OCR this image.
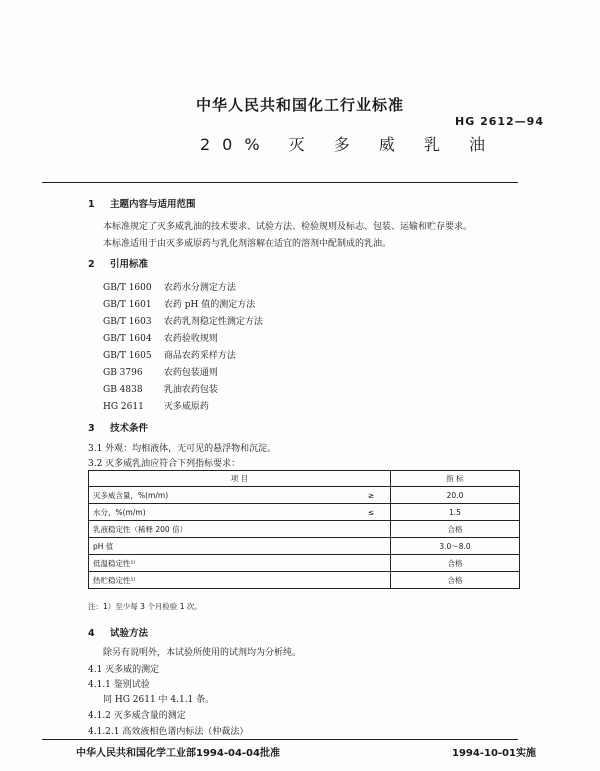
中华人民共和国化工行业标准
HG 2612—94
20% 灭 多 威 乳 油
1 主题内容与适用范围
本标准规定了灭多威乳油的技术要求、试验方法、检验规则及标志、包装、运输和贮存要求。
本标准适用于由灭多威原药与乳化剂溶解在适宜的溶剂中配制成的乳油。
2 引用标准
GB/T 1600 农药水分测定方法
GB/T 1601 农药 pH 值的测定方法
GB/T 1603 农药乳剂稳定性测定方法
GB/T 1604 农药验收规则
GB/T 1605 商品农药采样方法
GB 3796 农药包装通则
GB 4838 乳油农药包装
HG 2611 灭多威原药
3 技术条件
3.1 外观：均相液体，无可见的悬浮物和沉淀。
3.2 灭多威乳油应符合下列指标要求：
项 目		指 标
灭多威含量，%(m/m)	≥	20.0
水分，%(m/m)	≤	1.5
乳液稳定性（稀释 200 倍）		合格
pH 值		3.0～8.0
低温稳定性¹⁾		合格
热贮稳定性¹⁾		合格
注：1）至少每 3 个月检验 1 次。
4 试验方法
除另有说明外，本试验所使用的试剂均为分析纯。
4.1 灭多威的测定
4.1.1 鉴别试验
同 HG 2611 中 4.1.1 条。
4.1.2 灭多威含量的测定
4.1.2.1 高效液相色谱内标法（仲裁法）
中华人民共和国化学工业部1994-04-04批准	1994-10-01实施
